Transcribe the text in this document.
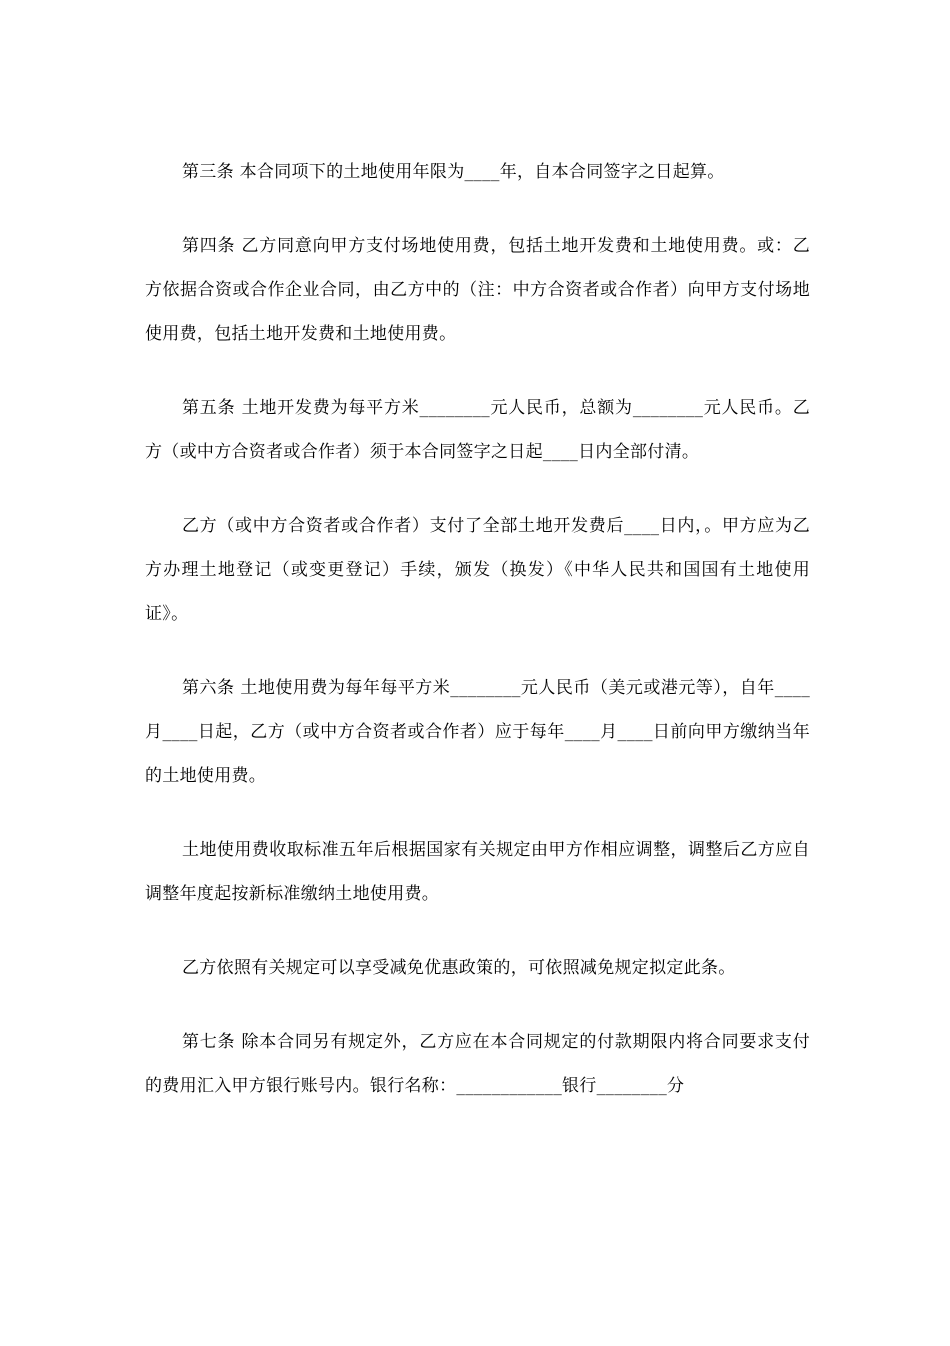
第三条 本合同项下的土地使用年限为____年，自本合同签字之日起算。

第四条 乙方同意向甲方支付场地使用费，包括土地开发费和土地使用费。或：乙方依据合资或合作企业合同，由乙方中的（注：中方合资者或合作者）向甲方支付场地使用费，包括土地开发费和土地使用费。

第五条 土地开发费为每平方米________元人民币，总额为________元人民币。乙方（或中方合资者或合作者）须于本合同签字之日起____日内全部付清。

乙方（或中方合资者或合作者）支付了全部土地开发费后____日内，。甲方应为乙方办理土地登记（或变更登记）手续，颁发（换发）《中华人民共和国国有土地使用证》。

第六条 土地使用费为每年每平方米________元人民币（美元或港元等），自年____月____日起，乙方（或中方合资者或合作者）应于每年____月____日前向甲方缴纳当年的土地使用费。

土地使用费收取标准五年后根据国家有关规定由甲方作相应调整，调整后乙方应自调整年度起按新标准缴纳土地使用费。

乙方依照有关规定可以享受减免优惠政策的，可依照减免规定拟定此条。

第七条 除本合同另有规定外，乙方应在本合同规定的付款期限内将合同要求支付的费用汇入甲方银行账号内。银行名称：____________银行________分
